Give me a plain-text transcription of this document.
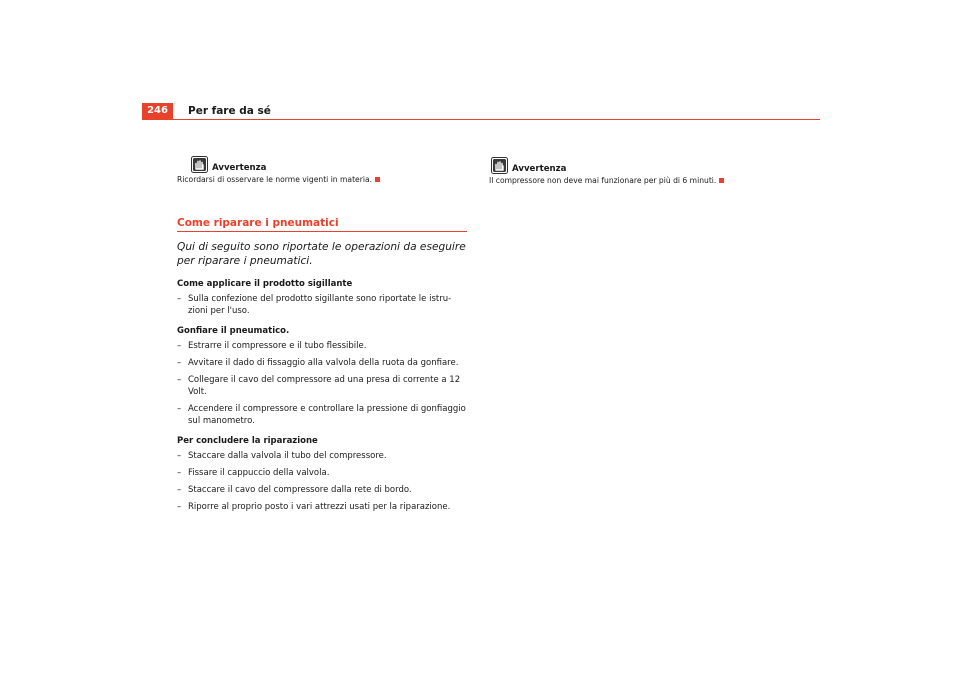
246	Per fare da sé
Avvertenza
Ricordarsi di osservare le norme vigenti in materia.
Avvertenza
Il compressore non deve mai funzionare per più di 6 minuti.
Come riparare i pneumatici
Qui di seguito sono riportate le operazioni da eseguire per riparare i pneumatici.
Come applicare il prodotto sigillante
– Sulla confezione del prodotto sigillante sono riportate le istru-zioni per l'uso.
Gonfiare il pneumatico.
– Estrarre il compressore e il tubo flessibile.
– Avvitare il dado di fissaggio alla valvola della ruota da gonfiare.
– Collegare il cavo del compressore ad una presa di corrente a 12 Volt.
– Accendere il compressore e controllare la pressione di gonfiaggio sul manometro.
Per concludere la riparazione
– Staccare dalla valvola il tubo del compressore.
– Fissare il cappuccio della valvola.
– Staccare il cavo del compressore dalla rete di bordo.
– Riporre al proprio posto i vari attrezzi usati per la riparazione.
